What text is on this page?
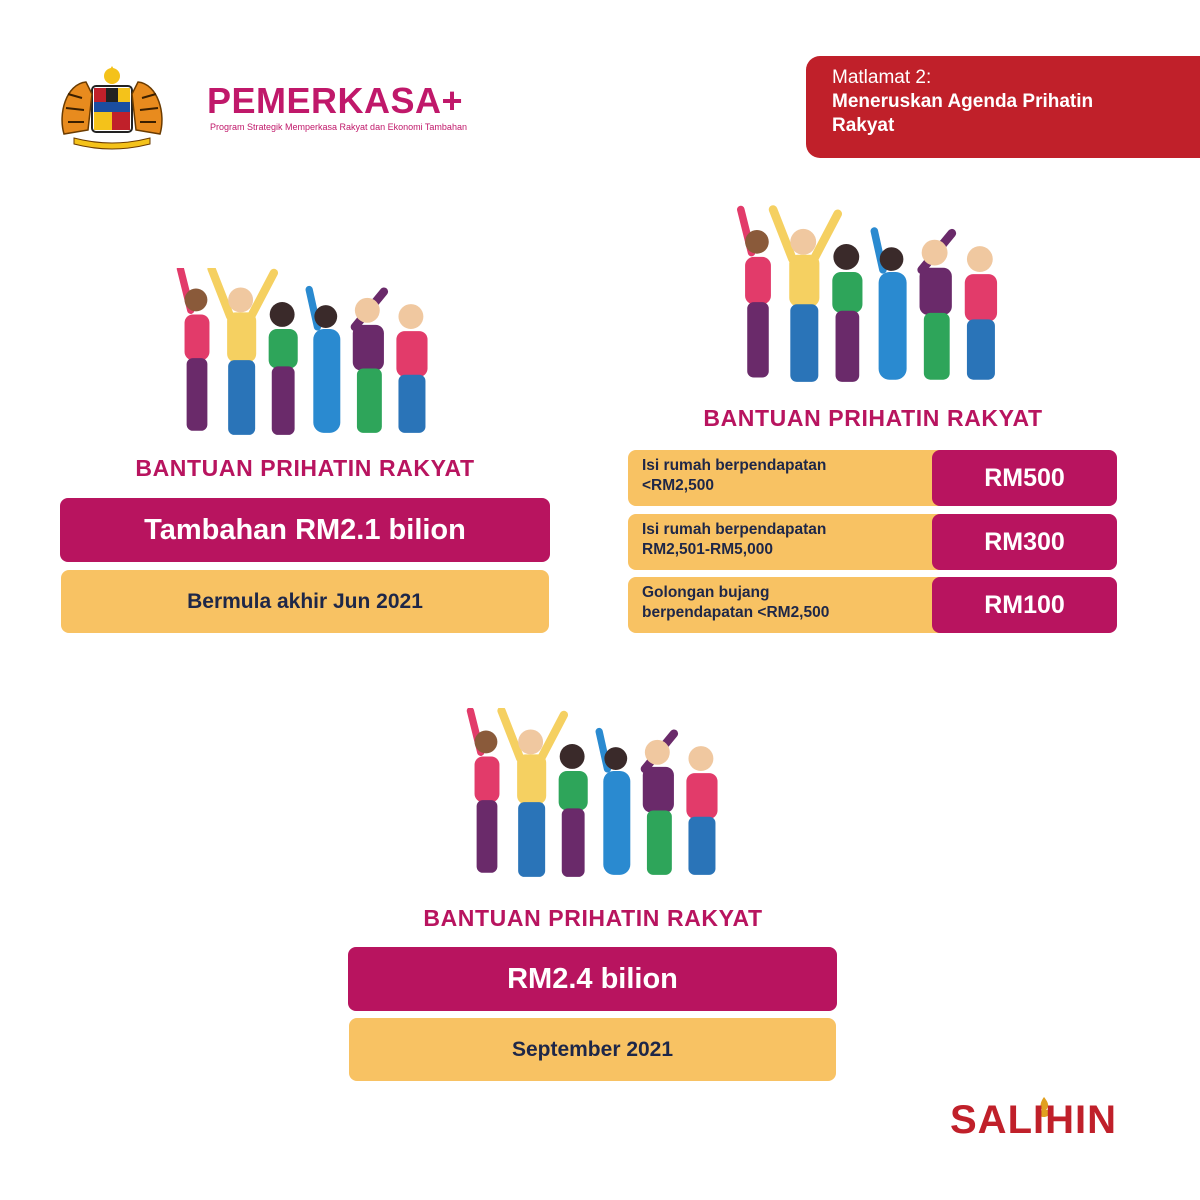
PEMERKASA+
Program Strategik Memperkasa Rakyat dan Ekonomi Tambahan
Matlamat 2:
Meneruskan Agenda Prihatin
Rakyat
BANTUAN PRIHATIN RAKYAT
Tambahan RM2.1 bilion
Bermula akhir Jun 2021
BANTUAN PRIHATIN RAKYAT
Isi rumah berpendapatan
<RM2,500	RM500
Isi rumah berpendapatan
RM2,501-RM5,000	RM300
Golongan bujang
berpendapatan <RM2,500	RM100
BANTUAN PRIHATIN RAKYAT
RM2.4 bilion
September 2021
SALIHIN
